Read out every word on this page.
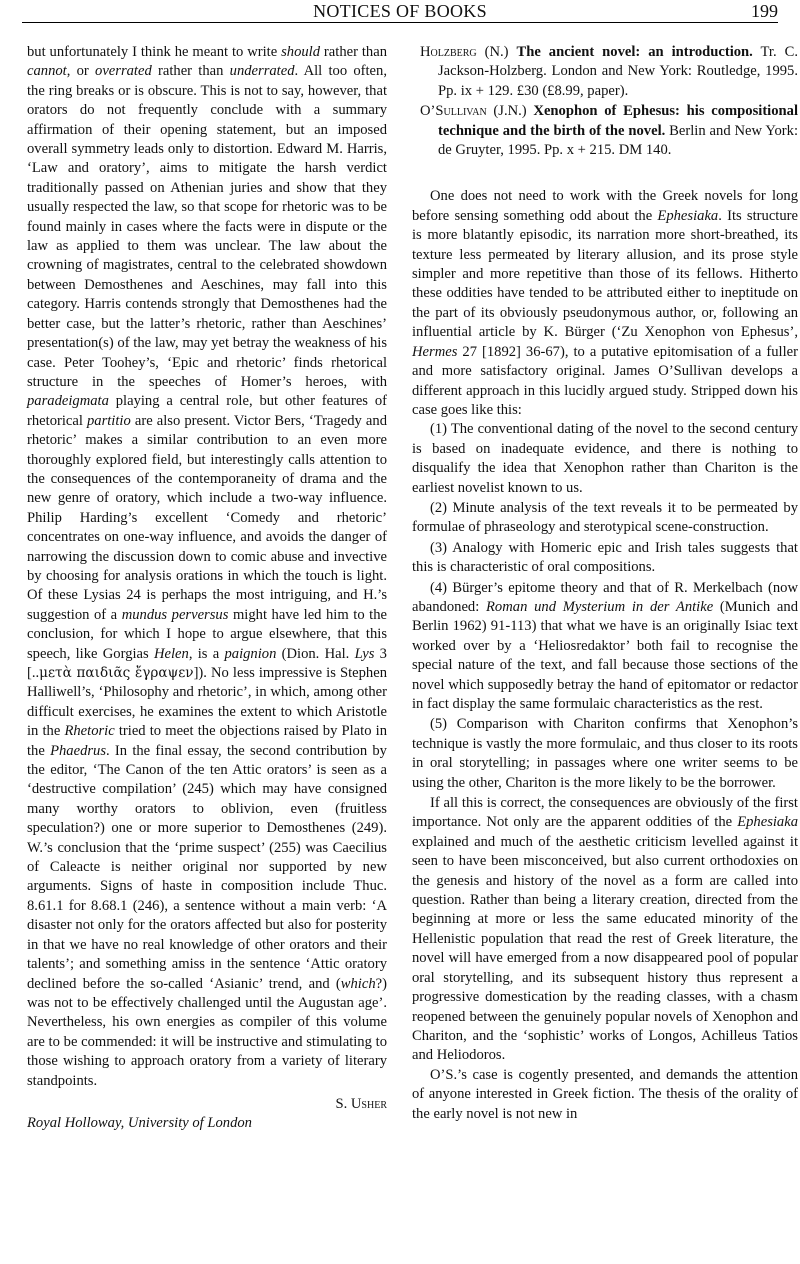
NOTICES OF BOOKS	199

but unfortunately I think he meant to write should rather than cannot, or overrated rather than underrated. All too often, the ring breaks or is obscure. This is not to say, however, that orators do not frequently conclude with a summary affirmation of their opening statement, but an imposed overall symmetry leads only to distortion. Edward M. Harris, ‘Law and oratory’, aims to mitigate the harsh verdict traditionally passed on Athenian juries and show that they usually respected the law, so that scope for rhetoric was to be found mainly in cases where the facts were in dispute or the law as applied to them was unclear. The law about the crowning of magistrates, central to the celebrated showdown between Demosthenes and Aeschines, may fall into this category. Harris contends strongly that Demosthenes had the better case, but the latter’s rhetoric, rather than Aeschines’ presentation(s) of the law, may yet betray the weakness of his case. Peter Toohey’s, ‘Epic and rhetoric’ finds rhetorical structure in the speeches of Homer’s heroes, with paradeigmata playing a central role, but other features of rhetorical partitio are also present. Victor Bers, ‘Tragedy and rhetoric’ makes a similar contribution to an even more thoroughly explored field, but interestingly calls attention to the consequences of the contemporaneity of drama and the new genre of oratory, which include a two-way influence. Philip Harding’s excellent ‘Comedy and rhetoric’ concentrates on one-way influence, and avoids the danger of narrowing the discussion down to comic abuse and invective by choosing for analysis orations in which the touch is light. Of these Lysias 24 is perhaps the most intriguing, and H.’s suggestion of a mundus perversus might have led him to the conclusion, for which I hope to argue elsewhere, that this speech, like Gorgias Helen, is a paignion (Dion. Hal. Lys 3 [..μετὰ παιδιᾶς ἔγραψεν]). No less impressive is Stephen Halliwell’s, ‘Philosophy and rhetoric’, in which, among other difficult exercises, he examines the extent to which Aristotle in the Rhetoric tried to meet the objections raised by Plato in the Phaedrus. In the final essay, the second contribution by the editor, ‘The Canon of the ten Attic orators’ is seen as a ‘destructive compilation’ (245) which may have consigned many worthy orators to oblivion, even (fruitless speculation?) one or more superior to Demosthenes (249). W.’s conclusion that the ‘prime suspect’ (255) was Caecilius of Caleacte is neither original nor supported by new arguments. Signs of haste in composition include Thuc. 8.61.1 for 8.68.1 (246), a sentence without a main verb: ‘A disaster not only for the orators affected but also for posterity in that we have no real knowledge of other orators and their talents’; and something amiss in the sentence ‘Attic oratory declined before the so-called ‘Asianic’ trend, and (which?) was not to be effectively challenged until the Augustan age’. Nevertheless, his own energies as compiler of this volume are to be commended: it will be instructive and stimulating to those wishing to approach oratory from a variety of literary standpoints.

S. Usher

Royal Holloway, University of London

Holzberg (N.) The ancient novel: an introduction. Tr. C. Jackson-Holzberg. London and New York: Routledge, 1995. Pp. ix + 129. £30 (£8.99, paper).

O’Sullivan (J.N.) Xenophon of Ephesus: his compositional technique and the birth of the novel. Berlin and New York: de Gruyter, 1995. Pp. x + 215. DM 140.

One does not need to work with the Greek novels for long before sensing something odd about the Ephesiaka. Its structure is more blatantly episodic, its narration more short-breathed, its texture less permeated by literary allusion, and its prose style simpler and more repetitive than those of its fellows. Hitherto these oddities have tended to be attributed either to ineptitude on the part of its obviously pseudonymous author, or, following an influential article by K. Bürger (‘Zu Xenophon von Ephesus’, Hermes 27 [1892] 36-67), to a putative epitomisation of a fuller and more satisfactory original. James O’Sullivan develops a different approach in this lucidly argued study. Stripped down his case goes like this:

(1) The conventional dating of the novel to the second century is based on inadequate evidence, and there is nothing to disqualify the idea that Xenophon rather than Chariton is the earliest novelist known to us.

(2) Minute analysis of the text reveals it to be permeated by formulae of phraseology and sterotypical scene-construction.

(3) Analogy with Homeric epic and Irish tales suggests that this is characteristic of oral compositions.

(4) Bürger’s epitome theory and that of R. Merkelbach (now abandoned: Roman und Mysterium in der Antike (Munich and Berlin 1962) 91-113) that what we have is an originally Isiac text worked over by a ‘Heliosredaktor’ both fail to recognise the special nature of the text, and fall because those sections of the novel which supposedly betray the hand of epitomator or redactor in fact display the same formulaic characteristics as the rest.

(5) Comparison with Chariton confirms that Xenophon’s technique is vastly the more formulaic, and thus closer to its roots in oral storytelling; in passages where one writer seems to be using the other, Chariton is the more likely to be the borrower.

If all this is correct, the consequences are obviously of the first importance. Not only are the apparent oddities of the Ephesiaka explained and much of the aesthetic criticism levelled against it seen to have been misconceived, but also current orthodoxies on the genesis and history of the novel as a form are called into question. Rather than being a literary creation, directed from the beginning at more or less the same educated minority of the Hellenistic population that read the rest of Greek literature, the novel will have emerged from a now disappeared pool of popular oral storytelling, and its subsequent history thus represent a progressive domestication by the reading classes, with a chasm reopened between the genuinely popular novels of Xenophon and Chariton, and the ‘sophistic’ works of Longos, Achilleus Tatios and Heliodoros.

O’S.’s case is cogently presented, and demands the attention of anyone interested in Greek fiction. The thesis of the orality of the early novel is not new in
